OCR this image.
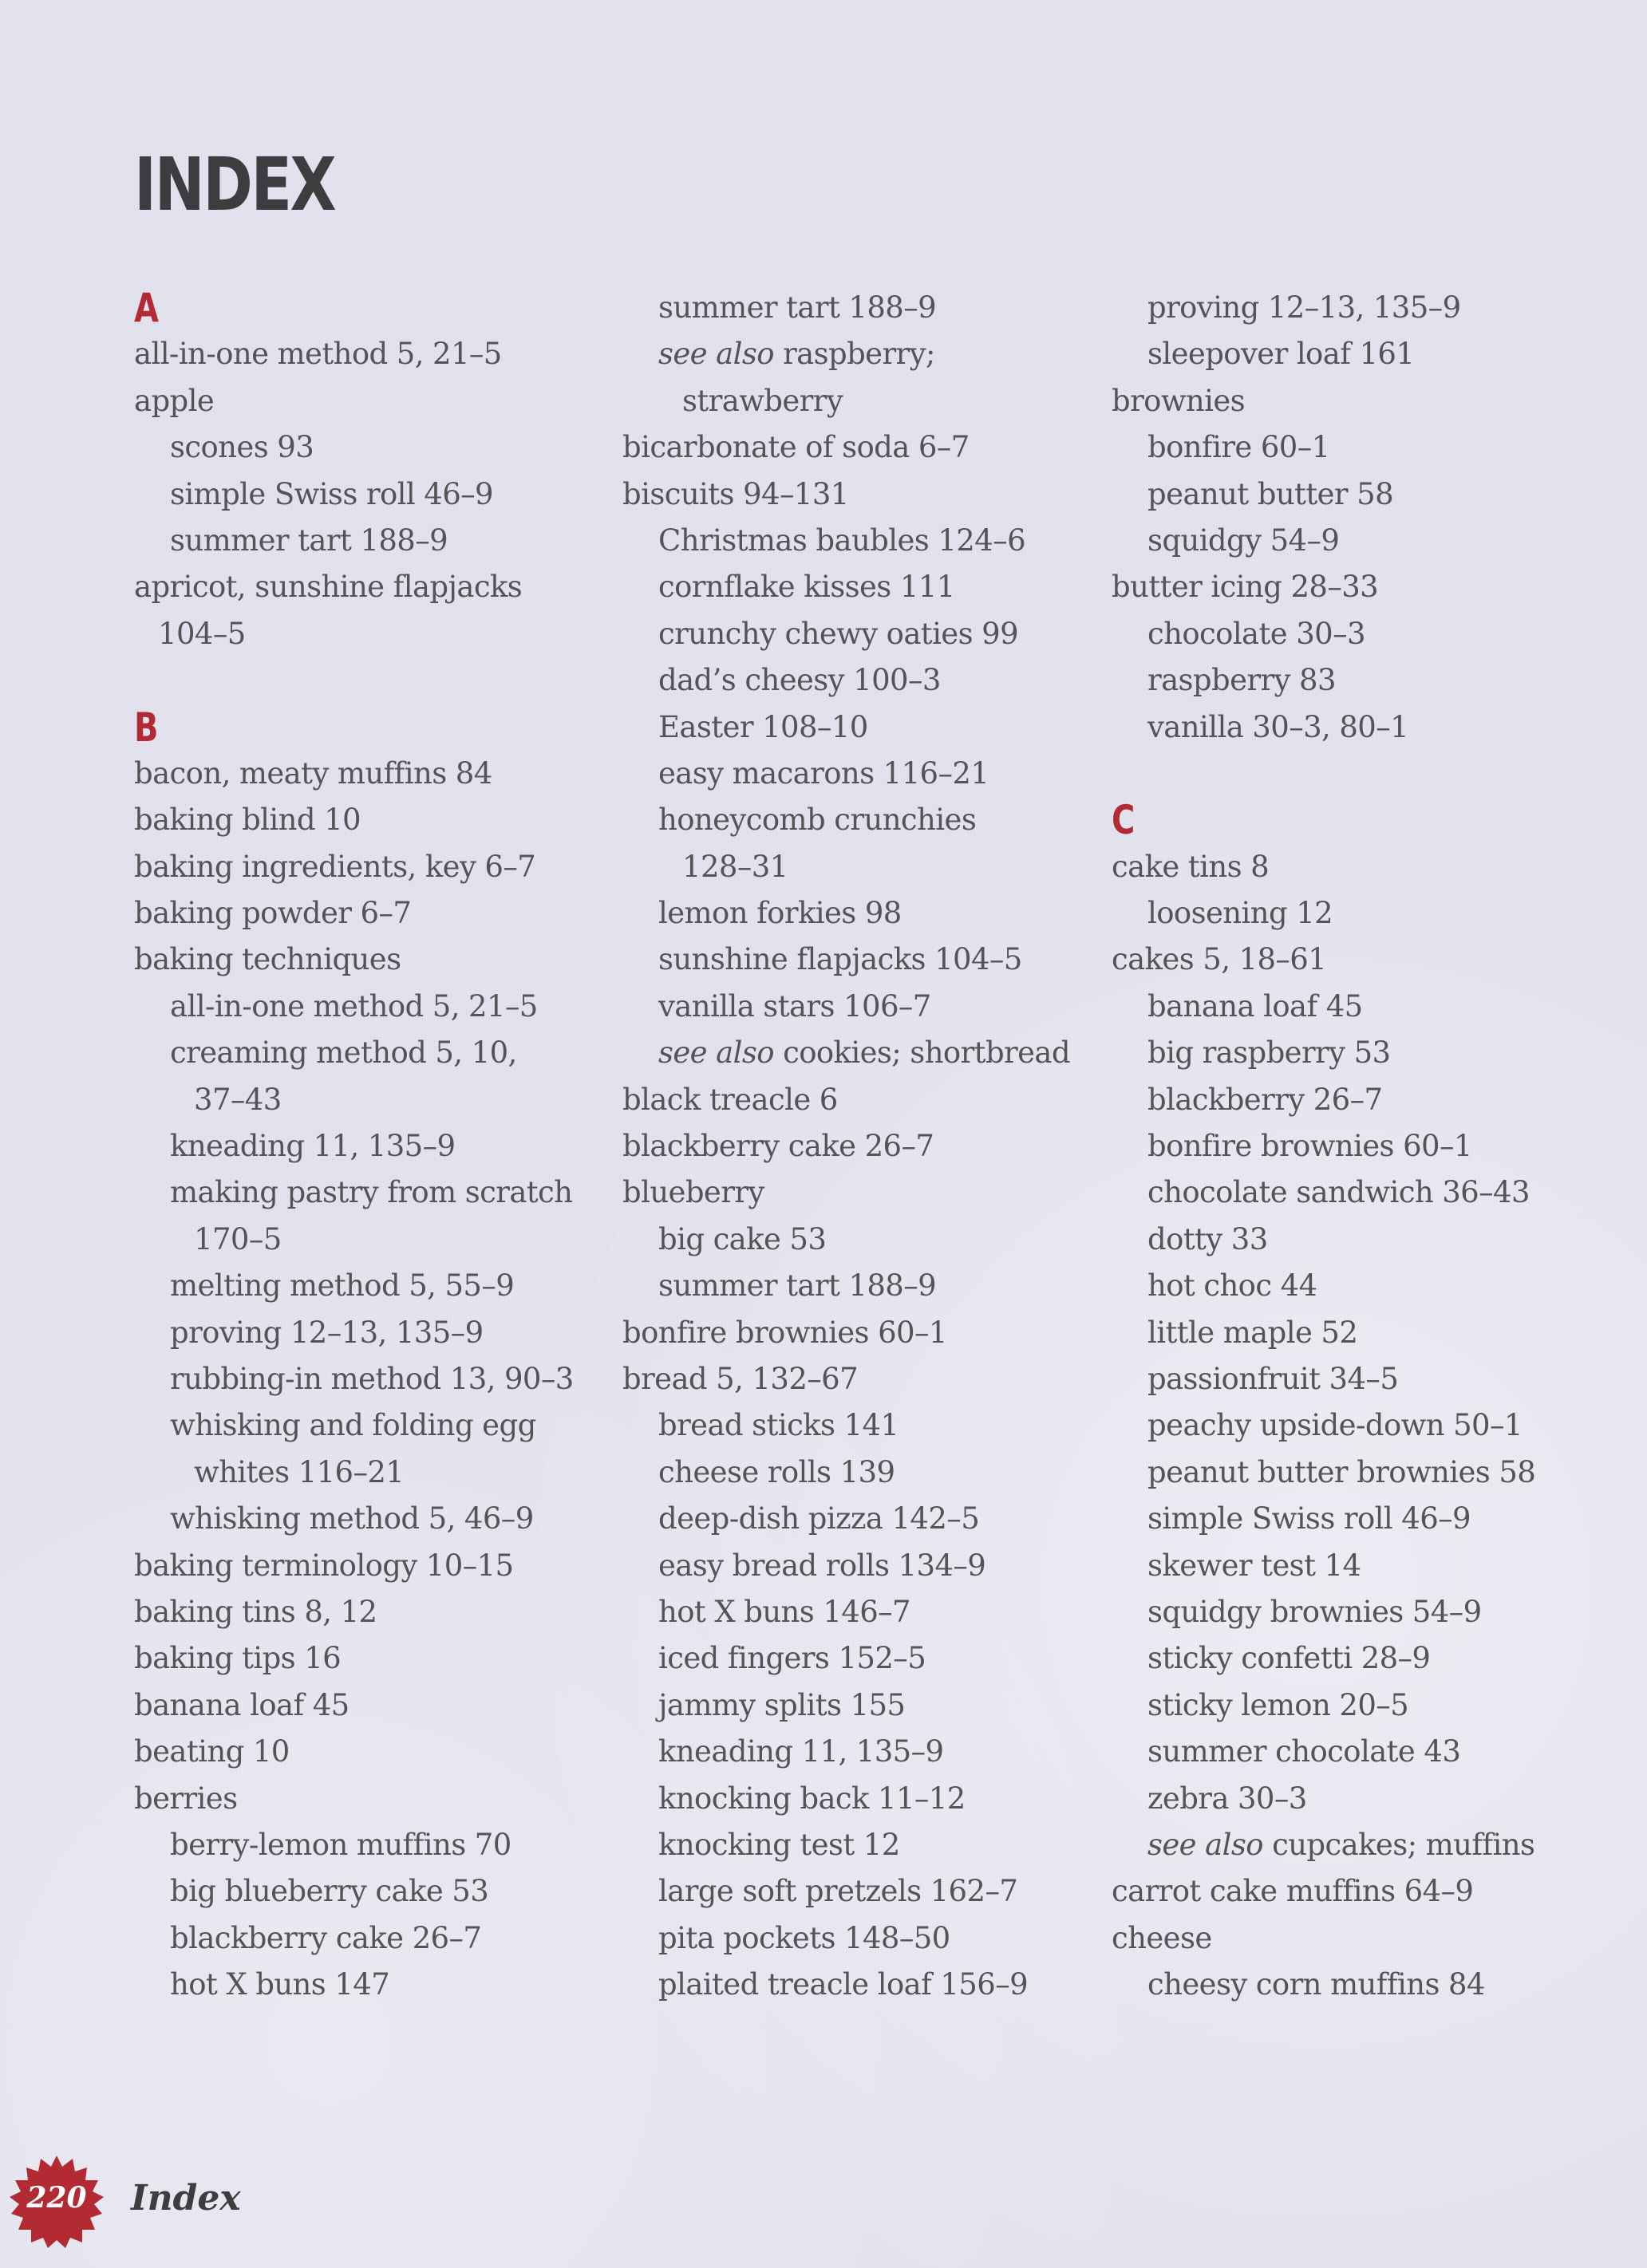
INDEX
A
all-in-one method 5, 21–5
apple
scones 93
simple Swiss roll 46–9
summer tart 188–9
apricot, sunshine flapjacks
104–5
B
bacon, meaty muffins 84
baking blind 10
baking ingredients, key 6–7
baking powder 6–7
baking techniques
all-in-one method 5, 21–5
creaming method 5, 10,
37–43
kneading 11, 135–9
making pastry from scratch
170–5
melting method 5, 55–9
proving 12–13, 135–9
rubbing-in method 13, 90–3
whisking and folding egg
whites 116–21
whisking method 5, 46–9
baking terminology 10–15
baking tins 8, 12
baking tips 16
banana loaf 45
beating 10
berries
berry-lemon muffins 70
big blueberry cake 53
blackberry cake 26–7
hot X buns 147
summer tart 188–9
see also raspberry;
strawberry
bicarbonate of soda 6–7
biscuits 94–131
Christmas baubles 124–6
cornflake kisses 111
crunchy chewy oaties 99
dad’s cheesy 100–3
Easter 108–10
easy macarons 116–21
honeycomb crunchies
128–31
lemon forkies 98
sunshine flapjacks 104–5
vanilla stars 106–7
see also cookies; shortbread
black treacle 6
blackberry cake 26–7
blueberry
big cake 53
summer tart 188–9
bonfire brownies 60–1
bread 5, 132–67
bread sticks 141
cheese rolls 139
deep-dish pizza 142–5
easy bread rolls 134–9
hot X buns 146–7
iced fingers 152–5
jammy splits 155
kneading 11, 135–9
knocking back 11–12
knocking test 12
large soft pretzels 162–7
pita pockets 148–50
plaited treacle loaf 156–9
proving 12–13, 135–9
sleepover loaf 161
brownies
bonfire 60–1
peanut butter 58
squidgy 54–9
butter icing 28–33
chocolate 30–3
raspberry 83
vanilla 30–3, 80–1
C
cake tins 8
loosening 12
cakes 5, 18–61
banana loaf 45
big raspberry 53
blackberry 26–7
bonfire brownies 60–1
chocolate sandwich 36–43
dotty 33
hot choc 44
little maple 52
passionfruit 34–5
peachy upside-down 50–1
peanut butter brownies 58
simple Swiss roll 46–9
skewer test 14
squidgy brownies 54–9
sticky confetti 28–9
sticky lemon 20–5
summer chocolate 43
zebra 30–3
see also cupcakes; muffins
carrot cake muffins 64–9
cheese
cheesy corn muffins 84
220	Index
